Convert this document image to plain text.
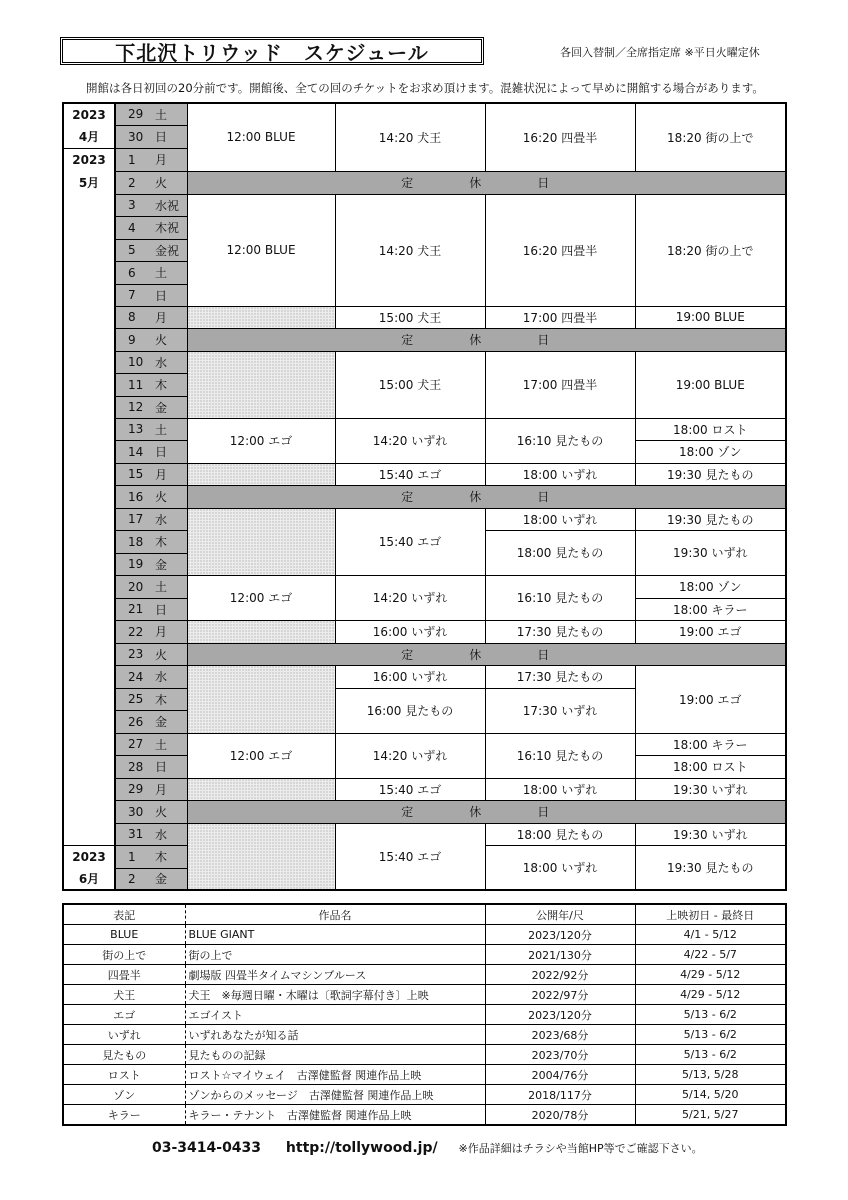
下北沢トリウッド　スケジュール	各回入替制／全席指定席 ※平日火曜定休
開館は各日初回の20分前です。開館後、全ての回のチケットをお求め頂けます。混雑状況によって早めに開館する場合があります。
2023	29	土	12:00 BLUE	14:20 犬王	16:20 四畳半	18:20 街の上で
4月	30	日				
2023	1	月				
5月	2	火	定　休　日			
	3	水祝	12:00 BLUE	14:20 犬王	16:20 四畳半	18:20 街の上で
	4	木祝				
	5	金祝				
	6	土				
	7	日				
	8	月		15:00 犬王	17:00 四畳半	19:00 BLUE
	9	火	定　休　日			
	10	水		15:00 犬王	17:00 四畳半	19:00 BLUE
	11	木				
	12	金				
	13	土	12:00 エゴ	14:20 いずれ	16:10 見たもの	18:00 ロスト
	14	日				18:00 ゾン
	15	月		15:40 エゴ	18:00 いずれ	19:30 見たもの
	16	火	定　休　日			
	17	水		15:40 エゴ	18:00 いずれ	19:30 見たもの
	18	木			18:00 見たもの	19:30 いずれ
	19	金				
	20	土	12:00 エゴ	14:20 いずれ	16:10 見たもの	18:00 ゾン
	21	日				18:00 キラー
	22	月		16:00 いずれ	17:30 見たもの	19:00 エゴ
	23	火	定　休　日			
	24	水		16:00 いずれ	17:30 見たもの	19:00 エゴ
	25	木		16:00 見たもの	17:30 いずれ	
	26	金				
	27	土	12:00 エゴ	14:20 いずれ	16:10 見たもの	18:00 キラー
	28	日				18:00 ロスト
	29	月		15:40 エゴ	18:00 いずれ	19:30 いずれ
	30	火	定　休　日			
	31	水		15:40 エゴ	18:00 見たもの	19:30 いずれ
2023	1	木			18:00 いずれ	19:30 見たもの
6月	2	金				
表記	作品名	公開年/尺	上映初日 - 最終日
BLUE	BLUE GIANT	2023/120分	4/1 - 5/12
街の上で	街の上で	2021/130分	4/22 - 5/7
四畳半	劇場版 四畳半タイムマシンブルース	2022/92分	4/29 - 5/12
犬王	犬王　※毎週日曜・木曜は〔歌詞字幕付き〕上映	2022/97分	4/29 - 5/12
エゴ	エゴイスト	2023/120分	5/13 - 6/2
いずれ	いずれあなたが知る話	2023/68分	5/13 - 6/2
見たもの	見たものの記録	2023/70分	5/13 - 6/2
ロスト	ロスト☆マイウェイ　古澤健監督 関連作品上映	2004/76分	5/13, 5/28
ゾン	ゾンからのメッセージ　古澤健監督 関連作品上映	2018/117分	5/14, 5/20
キラー	キラー・テナント　古澤健監督 関連作品上映	2020/78分	5/21, 5/27
03-3414-0433 http://tollywood.jp/ ※作品詳細はチラシや当館HP等でご確認下さい。
